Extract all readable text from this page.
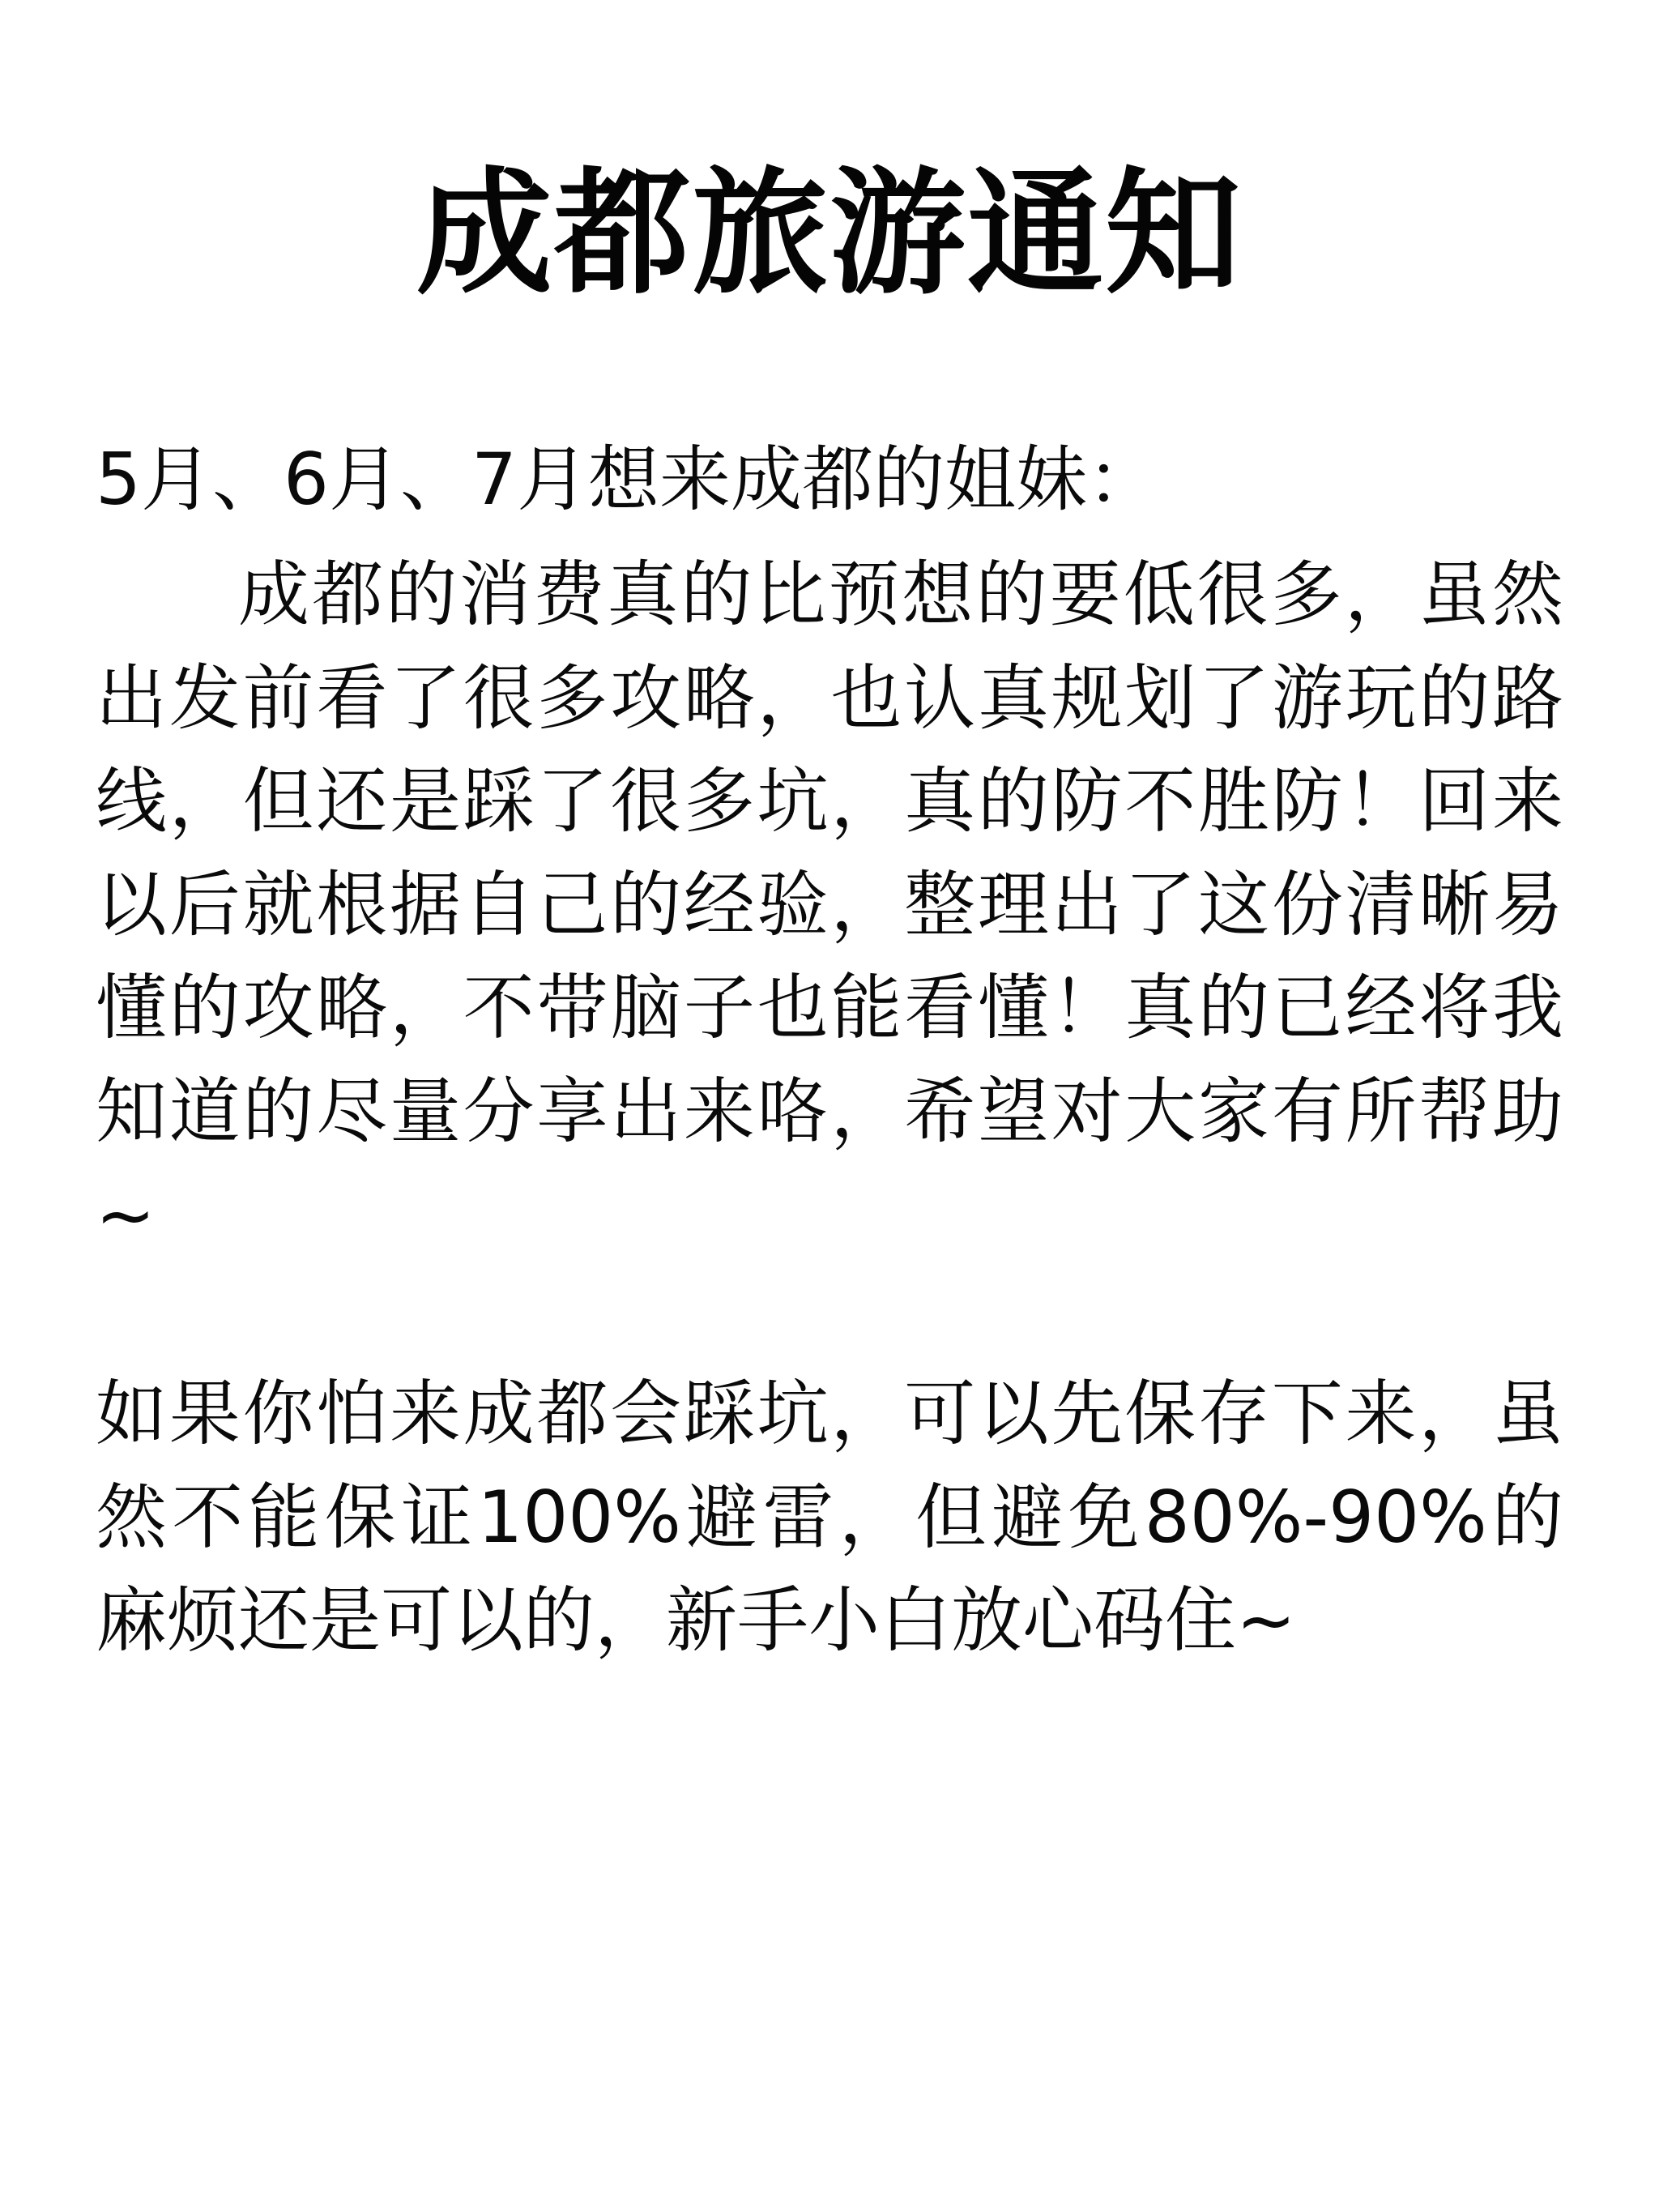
成都旅游通知

5月、6月、7月想来成都的姐妹：

成都的消费真的比预想的要低很多，虽然出发前看了很多攻略，也认真规划了游玩的路线，但还是踩了很多坑，真的防不胜防！回来以后就根据自己的经验，整理出了这份清晰易懂的攻略，不带脑子也能看懂！真的已经将我知道的尽量分享出来咯，希望对大家有所帮助~

如果你怕来成都会踩坑，可以先保存下来，虽然不能保证100%避雷，但避免80%-90%的麻烦还是可以的，新手小白放心码住~
